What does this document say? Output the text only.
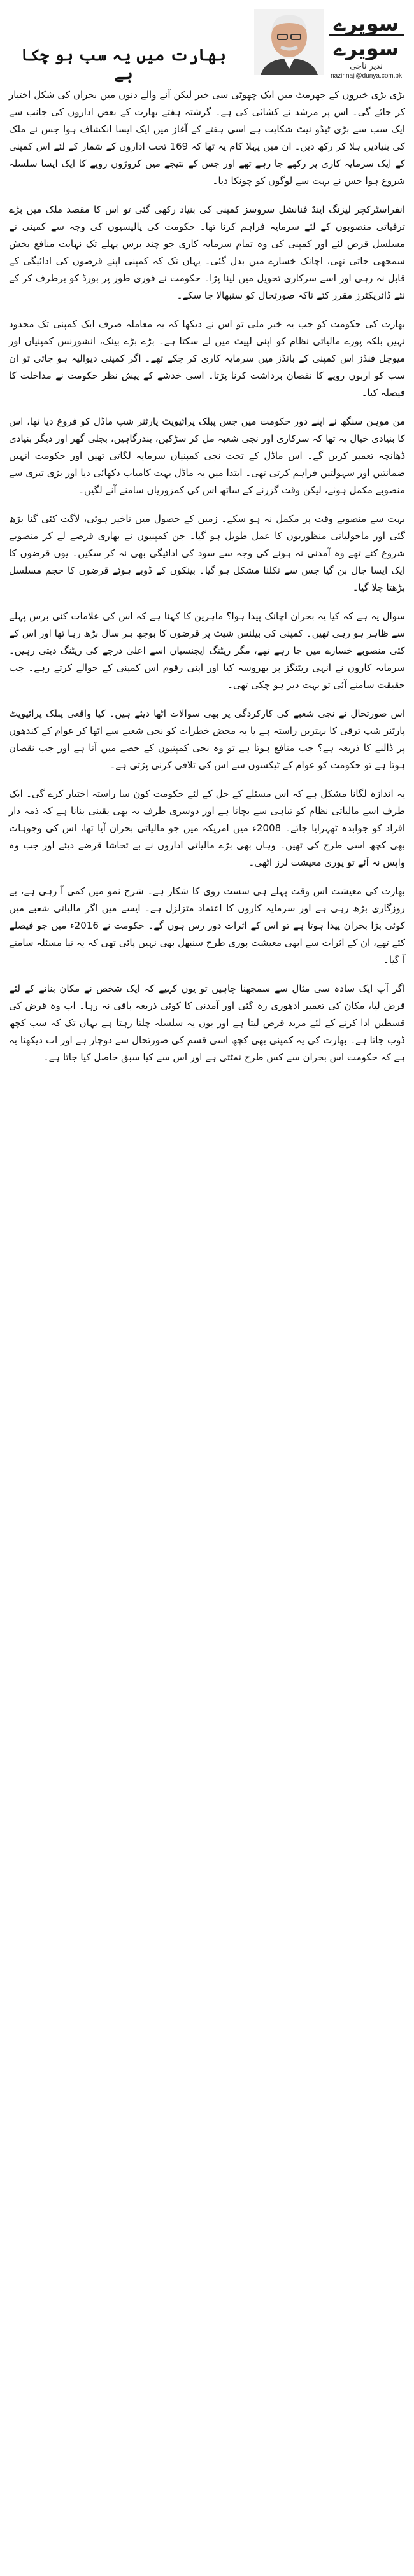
سویرے
سویرے
نذیر ناجی
nazir.naji@dunya.com.pk
بھارت میں یہ سب ہو چکا ہے

بڑی بڑی خبروں کے جھرمٹ میں ایک چھوٹی سی خبر لیکن آنے والے دنوں میں بحران کی شکل اختیار کر جائے گی۔ اس پر مرشد نے کشائی کی ہے۔ گرشتہ ہفتے بھارت کے بعض اداروں کی جانب سے ایک سب سے بڑی ٹیڈو نیٹ شکایت ہے اسی ہفتے کے آغاز میں ایک ایسا انکشاف ہوا جس نے ملک کی بنیادیں ہلا کر رکھ دیں۔ ان میں پہلا کام یہ تھا کہ 169 تحت اداروں کے شمار کے لئے اس کمپنی کے ایک سرمایہ کاری پر رکھے جا رہے تھے اور جس کے نتیجے میں کروڑوں روپے کا ایک ایسا سلسلہ شروع ہوا جس نے بہت سے لوگوں کو چونکا دیا۔

انفراسٹرکچر لیزنگ اینڈ فنانشل سروسز کمپنی کی بنیاد رکھی گئی تو اس کا مقصد ملک میں بڑے ترقیاتی منصوبوں کے لئے سرمایہ فراہم کرنا تھا۔ حکومت کی پالیسیوں کی وجہ سے کمپنی نے مسلسل قرض لئے اور کمپنی کی وہ تمام سرمایہ کاری جو چند برس پہلے تک نہایت منافع بخش سمجھی جاتی تھی، اچانک خسارے میں بدل گئی۔ یہاں تک کہ کمپنی اپنے قرضوں کی ادائیگی کے قابل نہ رہی اور اسے سرکاری تحویل میں لینا پڑا۔ حکومت نے فوری طور پر بورڈ کو برطرف کر کے نئے ڈائریکٹرز مقرر کئے تاکہ صورتحال کو سنبھالا جا سکے۔

بھارت کی حکومت کو جب یہ خبر ملی تو اس نے دیکھا کہ یہ معاملہ صرف ایک کمپنی تک محدود نہیں بلکہ پورے مالیاتی نظام کو اپنی لپیٹ میں لے سکتا ہے۔ بڑے بڑے بینک، انشورنس کمپنیاں اور میوچل فنڈز اس کمپنی کے بانڈز میں سرمایہ کاری کر چکے تھے۔ اگر کمپنی دیوالیہ ہو جاتی تو ان سب کو اربوں روپے کا نقصان برداشت کرنا پڑتا۔ اسی خدشے کے پیش نظر حکومت نے مداخلت کا فیصلہ کیا۔

من موہن سنگھ نے اپنے دور حکومت میں جس پبلک پرائیویٹ پارٹنر شپ ماڈل کو فروغ دیا تھا، اس کا بنیادی خیال یہ تھا کہ سرکاری اور نجی شعبہ مل کر سڑکیں، بندرگاہیں، بجلی گھر اور دیگر بنیادی ڈھانچہ تعمیر کریں گے۔ اس ماڈل کے تحت نجی کمپنیاں سرمایہ لگاتی تھیں اور حکومت انہیں ضمانتیں اور سہولتیں فراہم کرتی تھی۔ ابتدا میں یہ ماڈل بہت کامیاب دکھائی دیا اور بڑی تیزی سے منصوبے مکمل ہوئے، لیکن وقت گزرنے کے ساتھ اس کی کمزوریاں سامنے آنے لگیں۔

بہت سے منصوبے وقت پر مکمل نہ ہو سکے۔ زمین کے حصول میں تاخیر ہوئی، لاگت کئی گنا بڑھ گئی اور ماحولیاتی منظوریوں کا عمل طویل ہو گیا۔ جن کمپنیوں نے بھاری قرضے لے کر منصوبے شروع کئے تھے وہ آمدنی نہ ہونے کی وجہ سے سود کی ادائیگی بھی نہ کر سکیں۔ یوں قرضوں کا ایک ایسا جال بن گیا جس سے نکلنا مشکل ہو گیا۔ بینکوں کے ڈوبے ہوئے قرضوں کا حجم مسلسل بڑھتا چلا گیا۔

سوال یہ ہے کہ کیا یہ بحران اچانک پیدا ہوا؟ ماہرین کا کہنا ہے کہ اس کی علامات کئی برس پہلے سے ظاہر ہو رہی تھیں۔ کمپنی کی بیلنس شیٹ پر قرضوں کا بوجھ ہر سال بڑھ رہا تھا اور اس کے کئی منصوبے خسارے میں جا رہے تھے، مگر ریٹنگ ایجنسیاں اسے اعلیٰ درجے کی ریٹنگ دیتی رہیں۔ سرمایہ کاروں نے انہی ریٹنگز پر بھروسہ کیا اور اپنی رقوم اس کمپنی کے حوالے کرتے رہے۔ جب حقیقت سامنے آئی تو بہت دیر ہو چکی تھی۔

اس صورتحال نے نجی شعبے کی کارکردگی پر بھی سوالات اٹھا دیئے ہیں۔ کیا واقعی پبلک پرائیویٹ پارٹنر شپ ترقی کا بہترین راستہ ہے یا یہ محض خطرات کو نجی شعبے سے اٹھا کر عوام کے کندھوں پر ڈالنے کا ذریعہ ہے؟ جب منافع ہوتا ہے تو وہ نجی کمپنیوں کے حصے میں آتا ہے اور جب نقصان ہوتا ہے تو حکومت کو عوام کے ٹیکسوں سے اس کی تلافی کرنی پڑتی ہے۔

یہ اندازہ لگانا مشکل ہے کہ اس مسئلے کے حل کے لئے حکومت کون سا راستہ اختیار کرے گی۔ ایک طرف اسے مالیاتی نظام کو تباہی سے بچانا ہے اور دوسری طرف یہ بھی یقینی بنانا ہے کہ ذمہ دار افراد کو جوابدہ ٹھہرایا جائے۔ 2008ء میں امریکہ میں جو مالیاتی بحران آیا تھا، اس کی وجوہات بھی کچھ اسی طرح کی تھیں۔ وہاں بھی بڑے مالیاتی اداروں نے بے تحاشا قرضے دیئے اور جب وہ واپس نہ آئے تو پوری معیشت لرز اٹھی۔

بھارت کی معیشت اس وقت پہلے ہی سست روی کا شکار ہے۔ شرح نمو میں کمی آ رہی ہے، بے روزگاری بڑھ رہی ہے اور سرمایہ کاروں کا اعتماد متزلزل ہے۔ ایسے میں اگر مالیاتی شعبے میں کوئی بڑا بحران پیدا ہوتا ہے تو اس کے اثرات دور رس ہوں گے۔ حکومت نے 2016ء میں جو فیصلے کئے تھے، ان کے اثرات سے ابھی معیشت پوری طرح سنبھل بھی نہیں پائی تھی کہ یہ نیا مسئلہ سامنے آ گیا۔

اگر آپ ایک سادہ سی مثال سے سمجھنا چاہیں تو یوں کہیے کہ ایک شخص نے مکان بنانے کے لئے قرض لیا، مکان کی تعمیر ادھوری رہ گئی اور آمدنی کا کوئی ذریعہ باقی نہ رہا۔ اب وہ قرض کی قسطیں ادا کرنے کے لئے مزید قرض لیتا ہے اور یوں یہ سلسلہ چلتا رہتا ہے یہاں تک کہ سب کچھ ڈوب جاتا ہے۔ بھارت کی یہ کمپنی بھی کچھ اسی قسم کی صورتحال سے دوچار ہے اور اب دیکھنا یہ ہے کہ حکومت اس بحران سے کس طرح نمٹتی ہے اور اس سے کیا سبق حاصل کیا جاتا ہے۔
